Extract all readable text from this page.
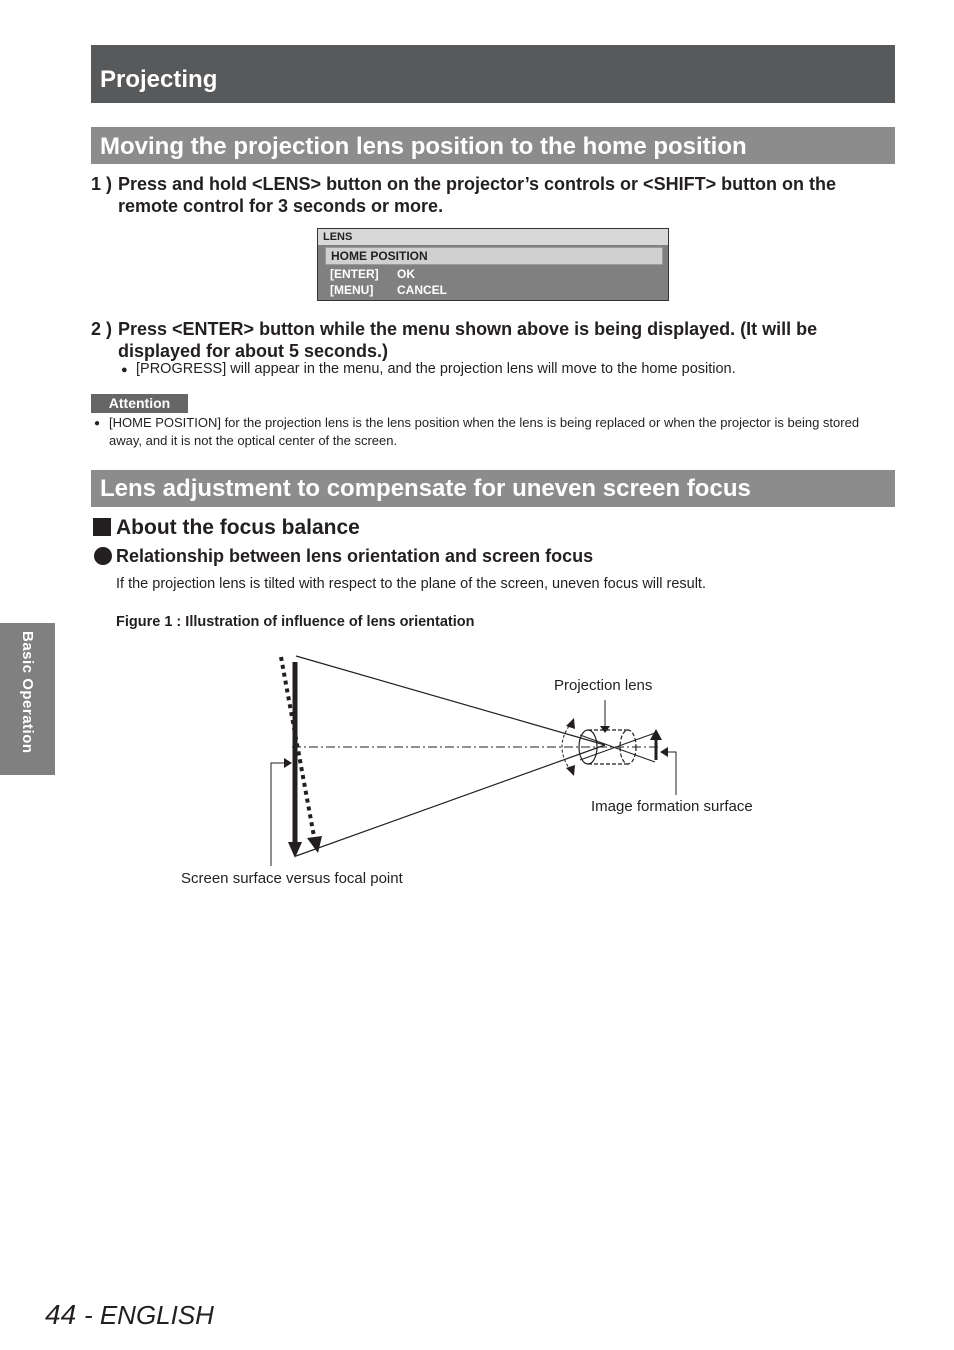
Projecting
Moving the projection lens position to the home position
1 ) Press and hold <LENS> button on the projector’s controls or <SHIFT> button on the remote control for 3 seconds or more.
LENS
HOME POSITION
[ENTER] OK
[MENU] CANCEL
2 ) Press <ENTER> button while the menu shown above is being displayed. (It will be displayed for about 5 seconds.)
● [PROGRESS] will appear in the menu, and the projection lens will move to the home position.
Attention
● [HOME POSITION] for the projection lens is the lens position when the lens is being replaced or when the projector is being stored away, and it is not the optical center of the screen.
Lens adjustment to compensate for uneven screen focus
About the focus balance
Relationship between lens orientation and screen focus
If the projection lens is tilted with respect to the plane of the screen, uneven focus will result.
Figure 1 : Illustration of influence of lens orientation
Projection lens
Image formation surface
Screen surface versus focal point
Basic Operation
44 - ENGLISH
